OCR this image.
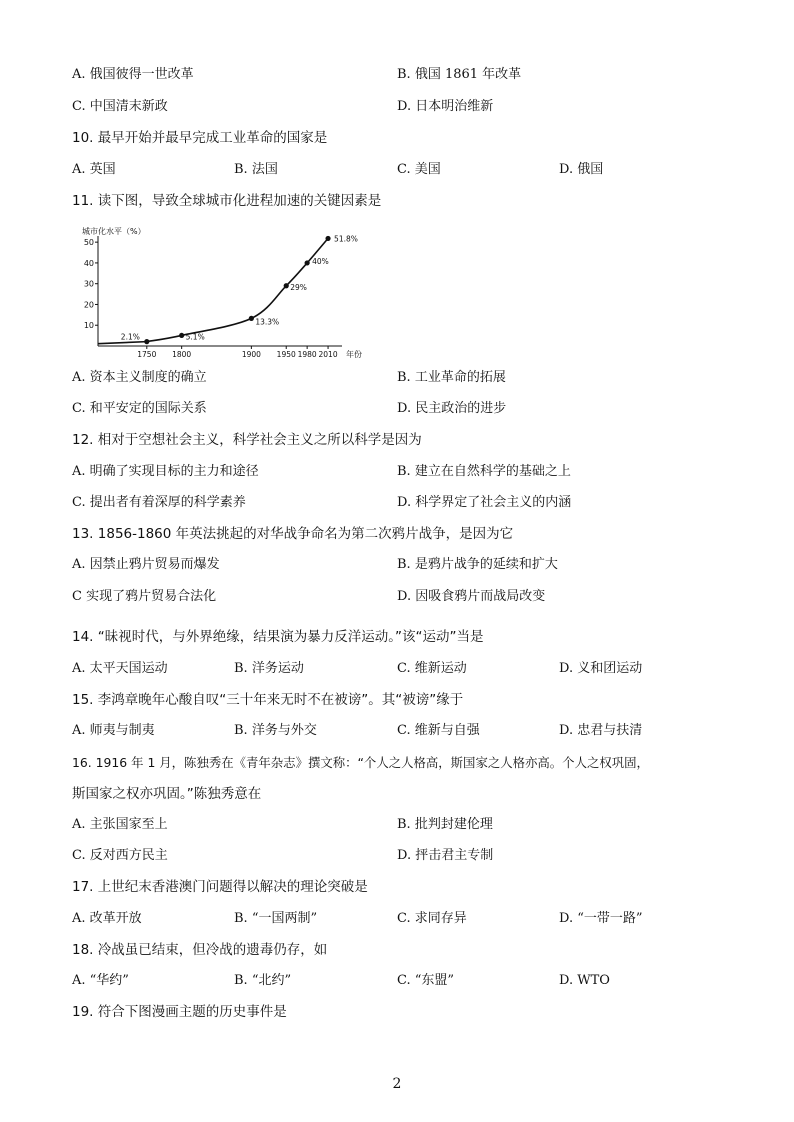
A. 俄国彼得一世改革	B. 俄国 1861 年改革
C. 中国清末新政	D. 日本明治维新
10. 最早开始并最早完成工业革命的国家是
A. 英国	B. 法国	C. 美国	D. 俄国
11. 读下图，导致全球城市化进程加速的关键因素是
10
20
30
40
50
1750 1800	1900 1950 1980 2010
2.1%	5.1%
13.3%
29%
40%
51.8%
城市化水平（%）
年份
A. 资本主义制度的确立	B. 工业革命的拓展
C. 和平安定的国际关系	D. 民主政治的进步
12. 相对于空想社会主义，科学社会主义之所以科学是因为
A. 明确了实现目标的主力和途径	B. 建立在自然科学的基础之上
C. 提出者有着深厚的科学素养	D. 科学界定了社会主义的内涵
13. 1856-1860 年英法挑起的对华战争命名为第二次鸦片战争，是因为它
A. 因禁止鸦片贸易而爆发	B. 是鸦片战争的延续和扩大
C 实现了鸦片贸易合法化	D. 因吸食鸦片而战局改变
14. “昧视时代，与外界绝缘，结果演为暴力反洋运动。”该“运动”当是
A. 太平天国运动	B. 洋务运动	C. 维新运动	D. 义和团运动
15. 李鸿章晚年心酸自叹“三十年来无时不在被谤”。其“被谤”缘于
A. 师夷与制夷	B. 洋务与外交	C. 维新与自强	D. 忠君与扶清
16. 1916 年 1 月，陈独秀在《青年杂志》撰文称：“个人之人格高，斯国家之人格亦高。个人之权巩固，
斯国家之权亦巩固。”陈独秀意在
A. 主张国家至上	B. 批判封建伦理
C. 反对西方民主	D. 抨击君主专制
17. 上世纪末香港澳门问题得以解决的理论突破是
A. 改革开放	B. “一国两制”	C. 求同存异	D. “一带一路”
18. 冷战虽已结束，但冷战的遗毒仍存，如
A. “华约”	B. “北约”	C. “东盟”	D. WTO
19. 符合下图漫画主题的历史事件是
2
